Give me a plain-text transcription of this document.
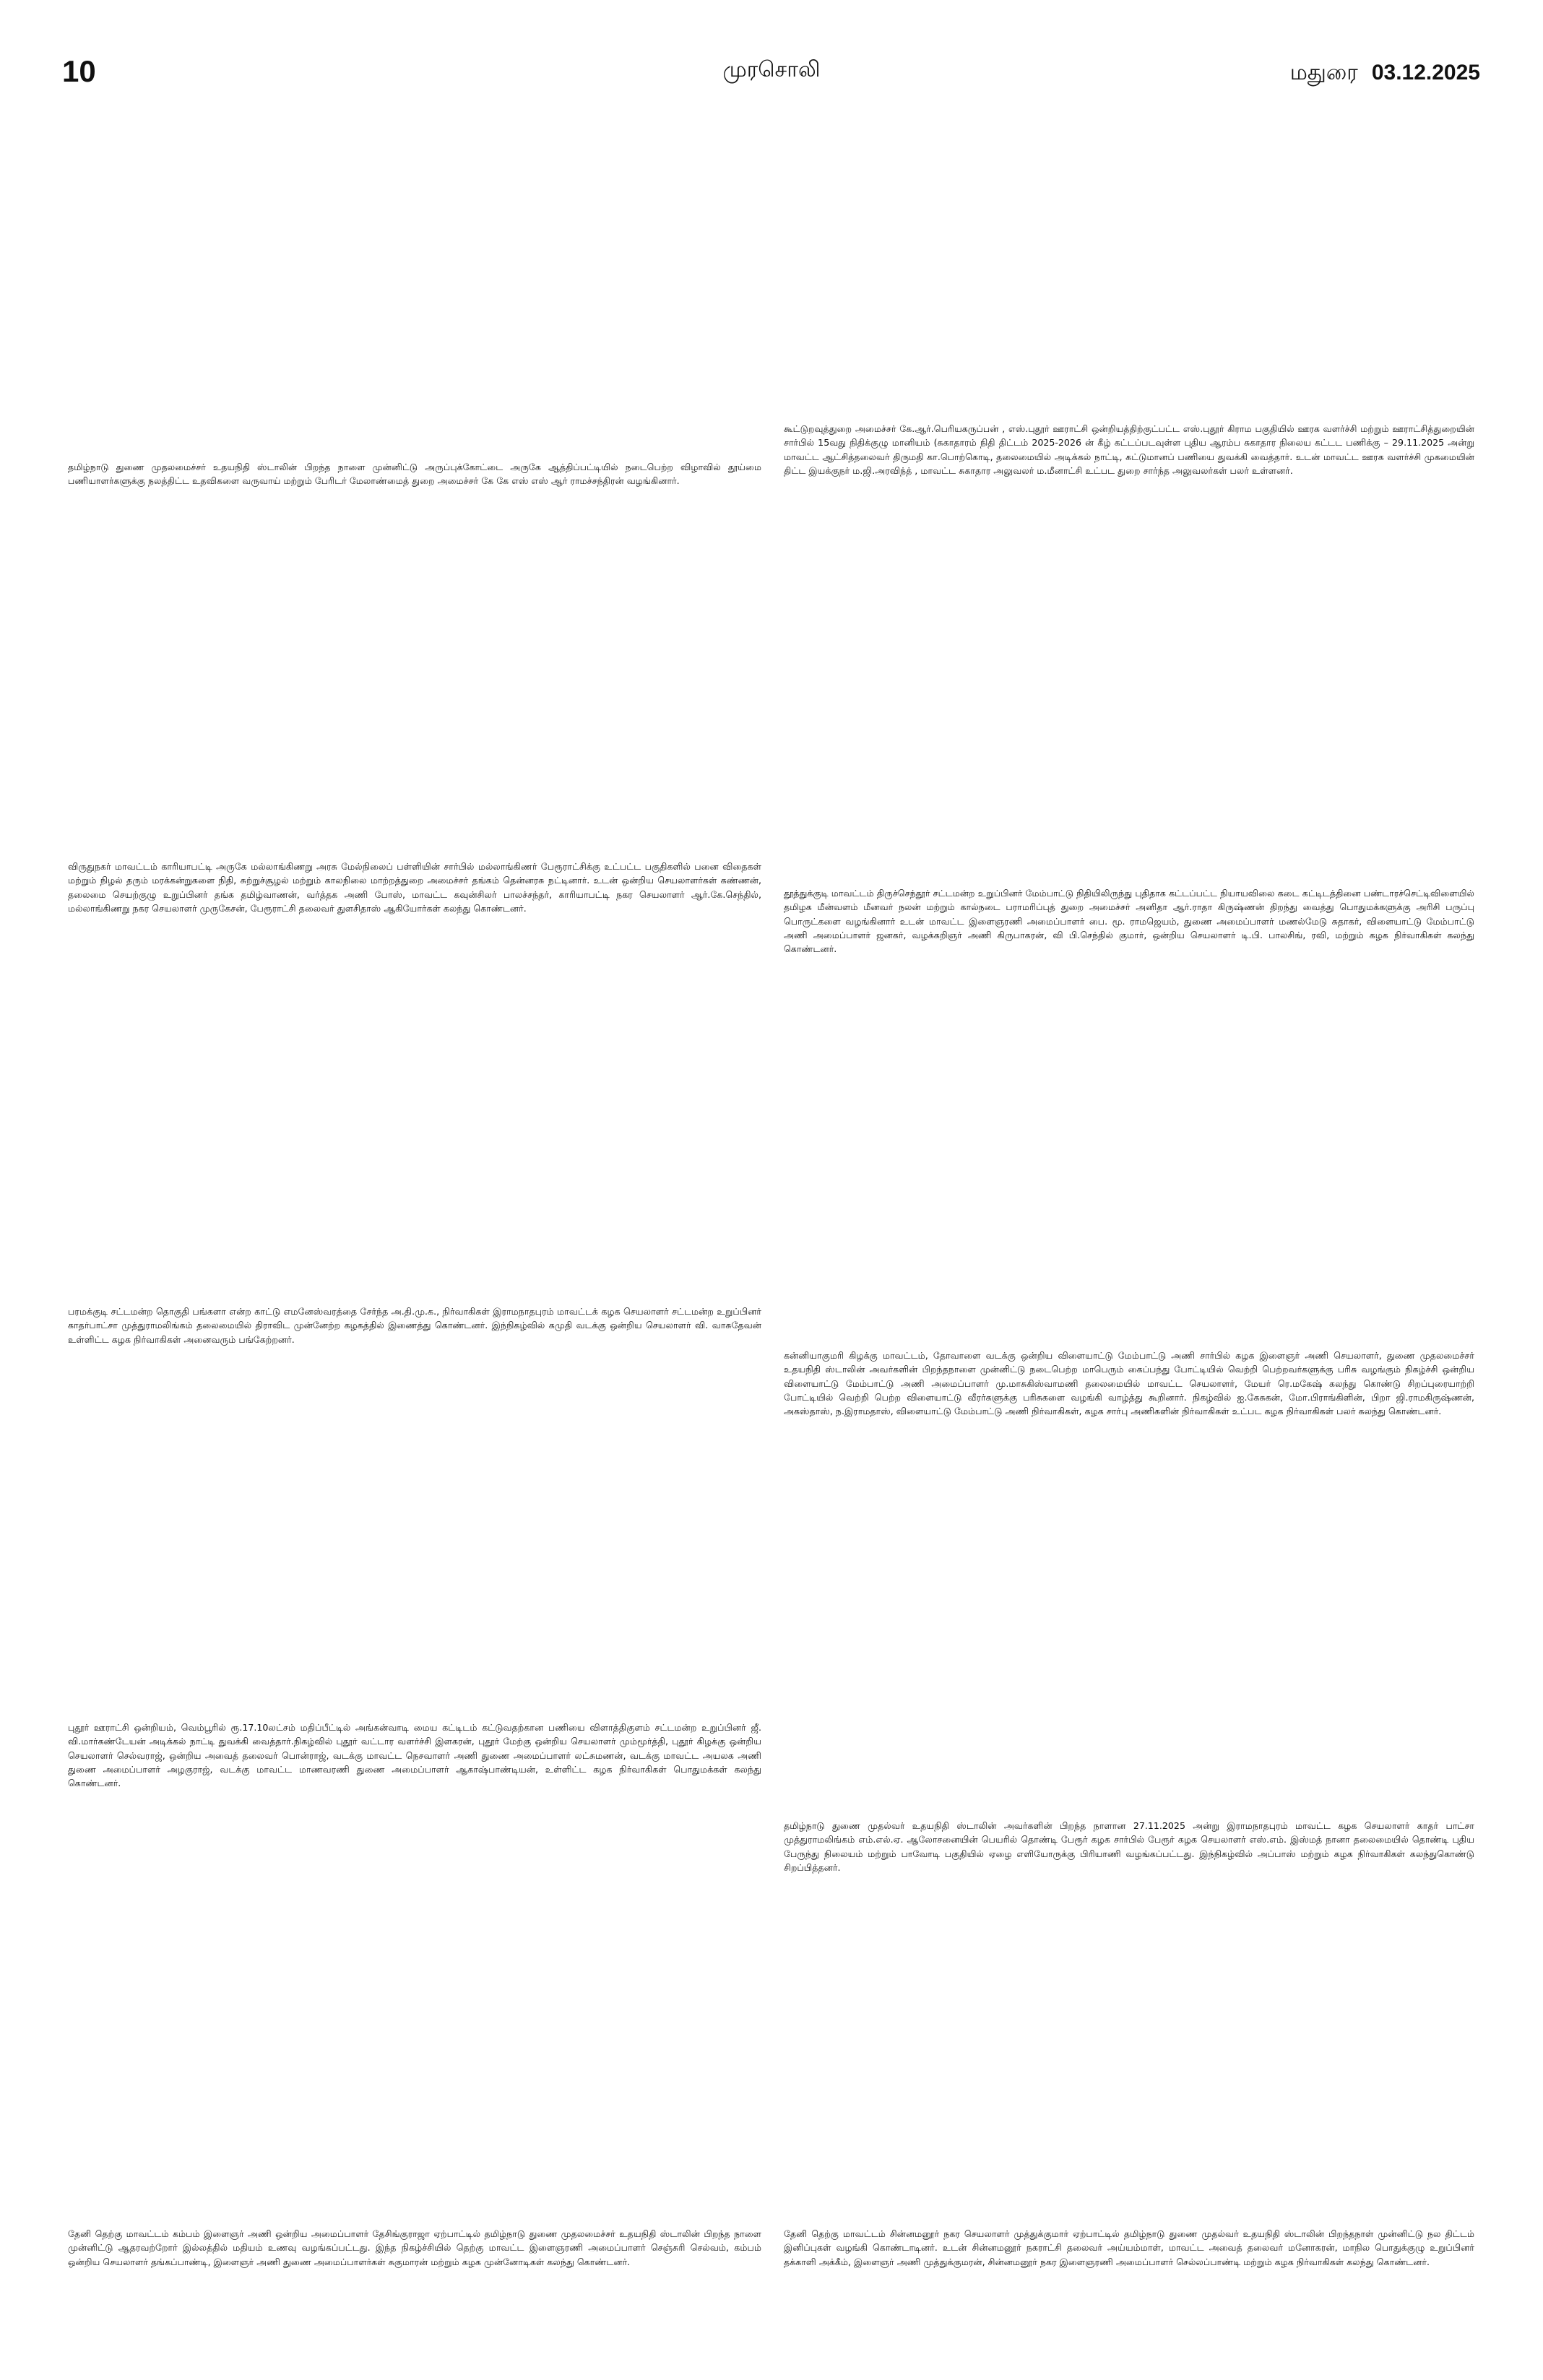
10	முரசொலி	மதுரை 03.12.2025

தமிழ்நாடு துணை முதலமைச்சர் உதயநிதி ஸ்டாலின் பிறந்த நாளை முன்னிட்டு அருப்புக்கோட்டை அருகே ஆத்திப்பட்டியில் நடைபெற்ற விழாவில் தூய்மை பணியாளர்களுக்கு நலத்திட்ட உதவிகளை வருவாய் மற்றும் பேரிடர் மேலாண்மைத் துறை அமைச்சர் கே கே எஸ் எஸ் ஆர் ராமச்சந்திரன் வழங்கினார்.

கூட்டுறவுத்துறை அமைச்சர் கே.ஆர்.பெரியகருப்பன் , எஸ்.புதூர் ஊராட்சி ஒன்றியத்திற்குட்பட்ட எஸ்.புதூர் கிராம பகுதியில் ஊரக வளர்ச்சி மற்றும் ஊராட்சித்துறையின் சார்பில் 15வது நிதிக்குழு மானியம் (சுகாதாரம் நிதி திட்டம் 2025-2026 ன் கீழ் கட்டப்படவுள்ள புதிய ஆரம்ப சுகாதார நிலைய கட்டட பணிக்கு – 29.11.2025 அன்று மாவட்ட ஆட்சித்தலைவர் திருமதி கா.பொற்கொடி, தலைமையில் அடிக்கல் நாட்டி, கட்டுமானப் பணியை துவக்கி வைத்தார். உடன் மாவட்ட ஊரக வளர்ச்சி முகமையின் திட்ட இயக்குநர் ம.ஜி.அரவிந்த் , மாவட்ட சுகாதார அலுவலர் ம.மீனாட்சி உட்பட துறை சார்ந்த அலுவலர்கள் பலர் உள்ளனர்.

விருதுநகர் மாவட்டம் காரியாபட்டி அருகே மல்லாங்கிணறு அரசு மேல்நிலைப் பள்ளியின் சார்பில் மல்லாங்கிணர் பேரூராட்சிக்கு உட்பட்ட பகுதிகளில் பனை விதைகள் மற்றும் நிழல் தரும் மரக்கன்றுகளை நிதி, சுற்றுச்சூழல் மற்றும் காலநிலை மாற்றத்துறை அமைச்சர் தங்கம் தென்னரசு நட்டினார். உடன் ஒன்றிய செயலாளர்கள் கண்ணன், தலைமை செயற்குழு உறுப்பினர் தங்க தமிழ்வாணன், வர்த்தக அணி போஸ், மாவட்ட கவுன்சிலர் பாலச்சந்தர், காரியாபட்டி நகர செயலாளர் ஆர்.கே.செந்தில், மல்லாங்கிணறு நகர செயலாளர் முருகேசன், பேரூராட்சி தலைவர் துளசிதாஸ் ஆகியோர்கள் கலந்து கொண்டனர்.

தூத்துக்குடி மாவட்டம் திருச்செந்தூர் சட்டமன்ற உறுப்பினர் மேம்பாட்டு நிதியிலிருந்து புதிதாக கட்டப்பட்ட நியாயவிலை கடை கட்டிடத்தினை பண்டாரச்செட்டிவிளையில் தமிழக மீன்வளம் மீனவர் நலன் மற்றும் கால்நடை பராமரிப்புத் துறை அமைச்சர் அனிதா ஆர்.ராதா கிருஷ்ணன் திறந்து வைத்து பொதுமக்களுக்கு அரிசி பருப்பு பொருட்களை வழங்கினார் உடன் மாவட்ட இளைஞரணி அமைப்பாளர் பை. மூ. ராமஜெயம், துணை அமைப்பாளர் மணல்மேடு சுதாகர், விளையாட்டு மேம்பாட்டு அணி அமைப்பாளர் ஜனகர், வழக்கறிஞர் அணி கிருபாகரன், வி பி.செந்தில் குமார், ஒன்றிய செயலாளர் டி.பி. பாலசிங், ரவி, மற்றும் கழக நிர்வாகிகள் கலந்து கொண்டனர்.

பரமக்குடி சட்டமன்ற தொகுதி பங்களா என்ற காட்டு எமனேஸ்வரத்தை சேர்ந்த அ.தி.மு.க., நிர்வாகிகள் இராமநாதபுரம் மாவட்டக் கழக செயலாளர் சட்டமன்ற உறுப்பினர் காதர்பாட்சா முத்துராமலிங்கம் தலைமையில் திராவிட முன்னேற்ற கழகத்தில் இணைத்து கொண்டனர். இந்நிகழ்வில் கமுதி வடக்கு ஒன்றிய செயலாளர் வி. வாசுதேவன் உள்ளிட்ட கழக நிர்வாகிகள் அனைவரும் பங்கேற்றனர்.

கன்னியாகுமரி கிழக்கு மாவட்டம், தோவாளை வடக்கு ஒன்றிய விளையாட்டு மேம்பாட்டு அணி சார்பில் கழக இளைஞர் அணி செயலாளர், துணை முதலமைச்சர் உதயநிதி ஸ்டாலின் அவர்களின் பிறந்தநாளை முன்னிட்டு நடைபெற்ற மாபெரும் கைப்பந்து போட்டியில் வெற்றி பெற்றவர்களுக்கு பரிசு வழங்கும் நிகழ்ச்சி ஒன்றிய விளையாட்டு மேம்பாட்டு அணி அமைப்பாளர் மு.மாசுகிஸ்வாமணி தலைமையில் மாவட்ட செயலாளர், மேயர் ரெ.மகேஷ் கலந்து கொண்டு சிறப்புரையாற்றி போட்டியில் வெற்றி பெற்ற விளையாட்டு வீரர்களுக்கு பரிசுகளை வழங்கி வாழ்த்து கூறினார். நிகழ்வில் ஐ.கேசுகன், மோ.பிராங்கிளின், பிறா ஜி.ராமகிருஷ்ணன், அகஸ்தாஸ், ந.இராமதாஸ், விளையாட்டு மேம்பாட்டு அணி நிர்வாகிகள், கழக சார்பு அணிகளின் நிர்வாகிகள் உட்பட கழக நிர்வாகிகள் பலர் கலந்து கொண்டனர்.

புதூர் ஊராட்சி ஒன்றியம், வெம்பூரில் ரூ.17.10லட்சம் மதிப்பீட்டில் அங்கன்வாடி மைய கட்டிடம் கட்டுவதற்கான பணியை விளாத்திகுளம் சட்டமன்ற உறுப்பினர் ஜீ. வி.மார்கண்டேயன் அடிக்கல் நாட்டி துவக்கி வைத்தார்.நிகழ்வில் புதூர் வட்டார வளர்ச்சி இளகரன், புதூர் மேற்கு ஒன்றிய செயலாளர் மும்மூர்த்தி, புதூர் கிழக்கு ஒன்றிய செயலாளர் செல்வராஜ், ஒன்றிய அவைத் தலைவர் பொன்ராஜ், வடக்கு மாவட்ட நெசவாளர் அணி துணை அமைப்பாளர் லட்சுமணன், வடக்கு மாவட்ட அயலக அணி துணை அமைப்பாளர் அழகுராஜ், வடக்கு மாவட்ட மாணவரணி துணை அமைப்பாளர் ஆகாஷ்பாண்டியன், உள்ளிட்ட கழக நிர்வாகிகள் பொதுமக்கள் கலந்து கொண்டனர்.

தமிழ்நாடு துணை முதல்வர் உதயநிதி ஸ்டாலின் அவர்களின் பிறந்த நாளான 27.11.2025 அன்று இராமநாதபுரம் மாவட்ட கழக செயலாளர் காதர் பாட்சா முத்துராமலிங்கம் எம்.எல்.ஏ. ஆலோசனையின் பெயரில் தொண்டி பேரூர் கழக சார்பில் பேரூர் கழக செயலாளர் எஸ்.எம். இஸ்மத் நானா தலைமையில் தொண்டி புதிய பேருந்து நிலையம் மற்றும் பாவோடி பகுதியில் ஏழை எளியோருக்கு பிரியாணி வழங்கப்பட்டது. இந்நிகழ்வில் அப்பாஸ் மற்றும் கழக நிர்வாகிகள் கலந்துகொண்டு சிறப்பித்தனர்.

தேனி தெற்கு மாவட்டம் கம்பம் இளைஞர் அணி ஒன்றிய அமைப்பாளர் தேசிங்குராஜா ஏற்பாட்டில் தமிழ்நாடு துணை முதலமைச்சர் உதயநிதி ஸ்டாலின் பிறந்த நாளை முன்னிட்டு ஆதரவற்றோர் இல்லத்தில் மதியம் உணவு வழங்கப்பட்டது. இந்த நிகழ்ச்சியில் தெற்கு மாவட்ட இளைஞரணி அமைப்பாளர் செஞ்சுரி செல்வம், கம்பம் ஒன்றிய செயலாளர் தங்கப்பாண்டி, இளைஞர் அணி துணை அமைப்பாளர்கள் சுகுமாரன் மற்றும் கழக முன்னோடிகள் கலந்து கொண்டனர்.

தேனி தெற்கு மாவட்டம் சின்னமனூர் நகர செயலாளர் முத்துக்குமார் ஏற்பாட்டில் தமிழ்நாடு துணை முதல்வர் உதயநிதி ஸ்டாலின் பிறந்தநாள் முன்னிட்டு நல திட்டம் இனிப்புகள் வழங்கி கொண்டாடினர். உடன் சின்னமனூர் நகராட்சி தலைவர் அய்யம்மாள், மாவட்ட அவைத் தலைவர் மனோகரன், மாநில பொதுக்குழு உறுப்பினர் தக்காளி அக்கீம், இளைஞர் அணி முத்துக்குமரன், சின்னமனூர் நகர இளைஞரணி அமைப்பாளர் செல்லப்பாண்டி மற்றும் கழக நிர்வாகிகள் கலந்து கொண்டனர்.
